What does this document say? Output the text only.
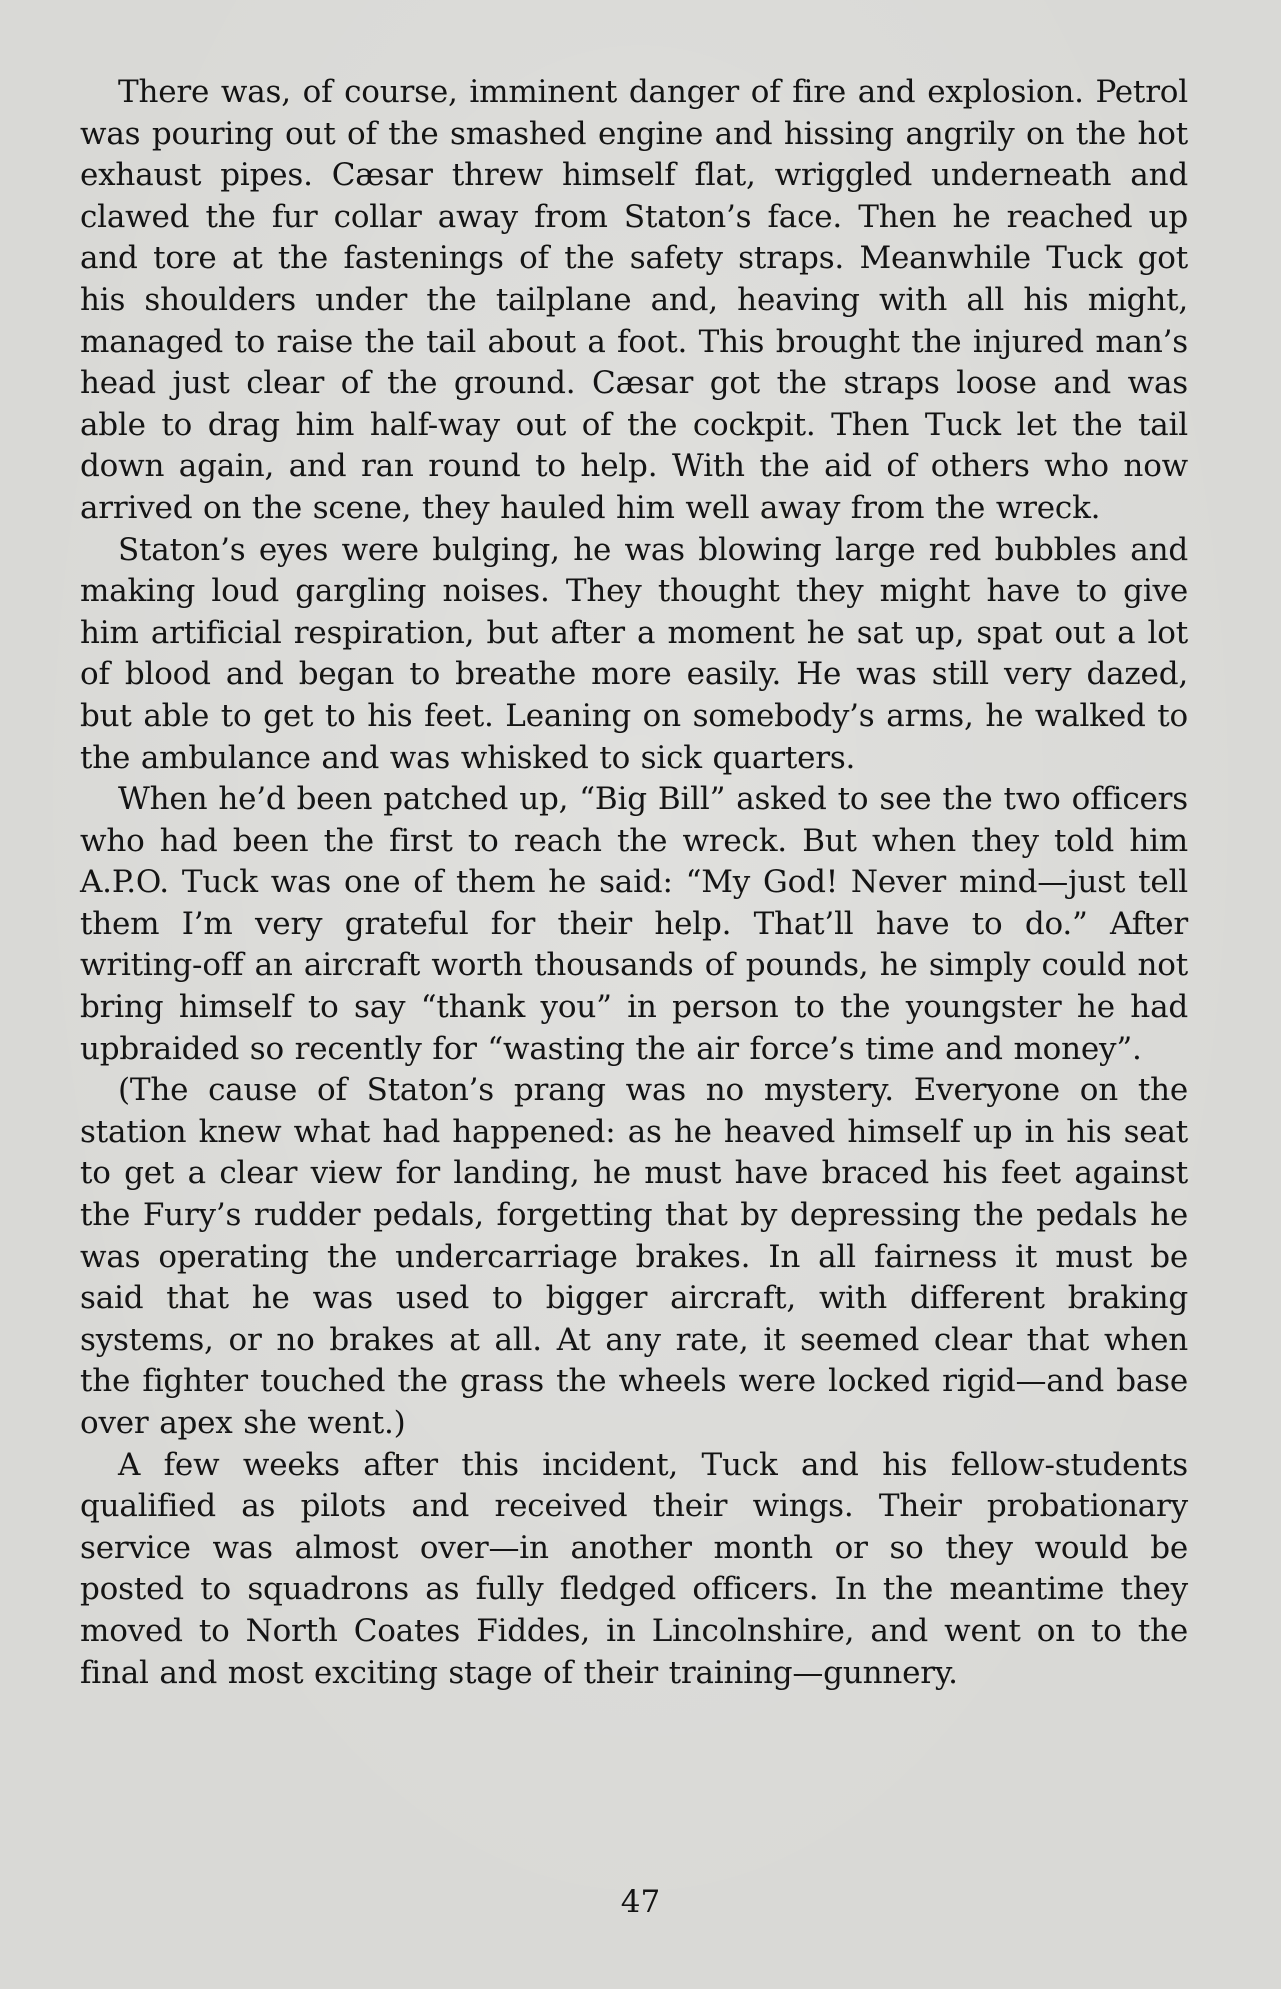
There was, of course, imminent danger of fire and explosion. Petrol was pouring out of the smashed engine and hissing angrily on the hot exhaust pipes. Cæsar threw himself flat, wriggled underneath and clawed the fur collar away from Staton’s face. Then he reached up and tore at the fastenings of the safety straps. Meanwhile Tuck got his shoulders under the tailplane and, heaving with all his might, managed to raise the tail about a foot. This brought the injured man’s head just clear of the ground. Cæsar got the straps loose and was able to drag him half-way out of the cockpit. Then Tuck let the tail down again, and ran round to help. With the aid of others who now arrived on the scene, they hauled him well away from the wreck.

Staton’s eyes were bulging, he was blowing large red bubbles and making loud gargling noises. They thought they might have to give him artificial respiration, but after a moment he sat up, spat out a lot of blood and began to breathe more easily. He was still very dazed, but able to get to his feet. Leaning on somebody’s arms, he walked to the ambulance and was whisked to sick quarters.

When he’d been patched up, “Big Bill” asked to see the two officers who had been the first to reach the wreck. But when they told him A.P.O. Tuck was one of them he said: “My God! Never mind—just tell them I’m very grateful for their help. That’ll have to do.” After writing-off an aircraft worth thousands of pounds, he simply could not bring himself to say “thank you” in person to the youngster he had upbraided so recently for “wasting the air force’s time and money”.

(The cause of Staton’s prang was no mystery. Everyone on the station knew what had happened: as he heaved himself up in his seat to get a clear view for landing, he must have braced his feet against the Fury’s rudder pedals, forgetting that by depressing the pedals he was operating the undercarriage brakes. In all fairness it must be said that he was used to bigger aircraft, with different braking systems, or no brakes at all. At any rate, it seemed clear that when the fighter touched the grass the wheels were locked rigid—and base over apex she went.)

A few weeks after this incident, Tuck and his fellow-students qualified as pilots and received their wings. Their probationary service was almost over—in another month or so they would be posted to squadrons as fully fledged officers. In the meantime they moved to North Coates Fiddes, in Lincolnshire, and went on to the final and most exciting stage of their training—gunnery.

47
